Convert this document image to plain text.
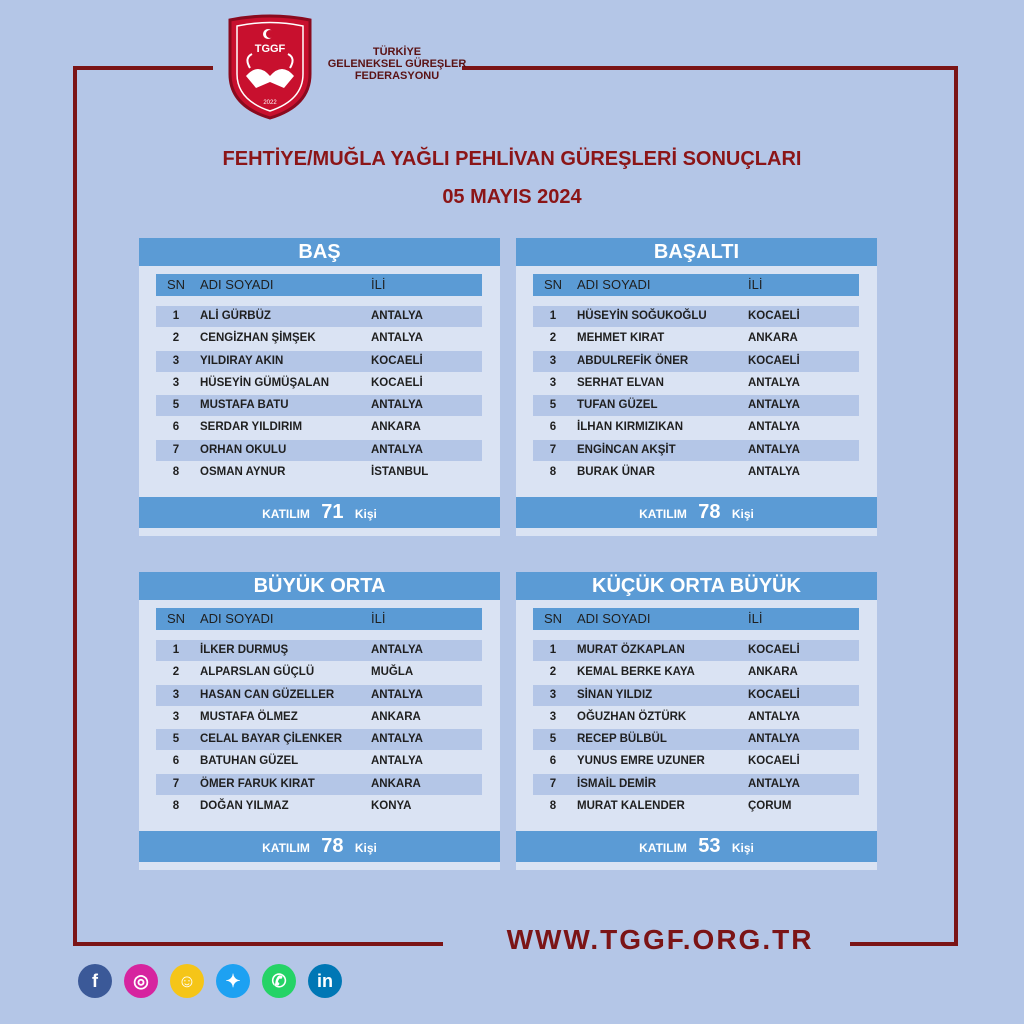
TGGF
2022
TÜRKİYE
GELENEKSEL GÜREŞLER
FEDERASYONU
FEHTİYE/MUĞLA YAĞLI PEHLİVAN GÜREŞLERİ SONUÇLARI
05 MAYIS 2024
BAŞ
SN	ADI SOYADI	İLİ
1	ALİ GÜRBÜZ	ANTALYA
2	CENGİZHAN ŞİMŞEK	ANTALYA
3	YILDIRAY AKIN	KOCAELİ
3	HÜSEYİN GÜMÜŞALAN	KOCAELİ
5	MUSTAFA BATU	ANTALYA
6	SERDAR YILDIRIM	ANKARA
7	ORHAN OKULU	ANTALYA
8	OSMAN AYNUR	İSTANBUL
KATILIM 71 Kişi
BAŞALTI
SN	ADI SOYADI	İLİ
1	HÜSEYİN SOĞUKOĞLU	KOCAELİ
2	MEHMET KIRAT	ANKARA
3	ABDULREFİK ÖNER	KOCAELİ
3	SERHAT ELVAN	ANTALYA
5	TUFAN GÜZEL	ANTALYA
6	İLHAN KIRMIZIKAN	ANTALYA
7	ENGİNCAN AKŞİT	ANTALYA
8	BURAK ÜNAR	ANTALYA
KATILIM 78 Kişi
BÜYÜK ORTA
SN	ADI SOYADI	İLİ
1	İLKER DURMUŞ	ANTALYA
2	ALPARSLAN GÜÇLÜ	MUĞLA
3	HASAN CAN GÜZELLER	ANTALYA
3	MUSTAFA ÖLMEZ	ANKARA
5	CELAL BAYAR ÇİLENKER	ANTALYA
6	BATUHAN GÜZEL	ANTALYA
7	ÖMER FARUK KIRAT	ANKARA
8	DOĞAN YILMAZ	KONYA
KATILIM 78 Kişi
KÜÇÜK ORTA BÜYÜK
SN	ADI SOYADI	İLİ
1	MURAT ÖZKAPLAN	KOCAELİ
2	KEMAL BERKE KAYA	ANKARA
3	SİNAN YILDIZ	KOCAELİ
3	OĞUZHAN ÖZTÜRK	ANTALYA
5	RECEP BÜLBÜL	ANTALYA
6	YUNUS EMRE UZUNER	KOCAELİ
7	İSMAİL DEMİR	ANTALYA
8	MURAT KALENDER	ÇORUM
KATILIM 53 Kişi
WWW.TGGF.ORG.TR
f	◎	☺	✦	✆	in
